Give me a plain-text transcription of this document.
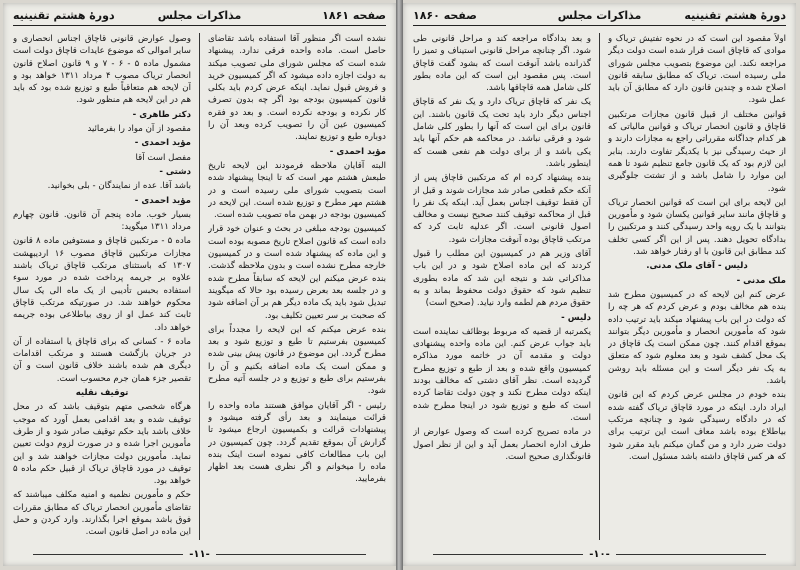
صفحه ۱۸۶۱
مذاکرات مجلس
دورهٔ هشتم تقنینیه

نشده است اگر منظور آقا استفاده باشد تقاضای حاصل است. ماده واحده فرقی ندارد. پیشنهاد شده است که مجلس شورای ملی تصویب میکند به دولت اجازه داده میشود که اگر کمیسیون خرید و فروش قبول نماید. اینکه عرض کردم باید بکلی قانون کمیسیون بودجه بود اگر چه بدون تصرف کار نکرده و بودجه نکرده است. و بعد دو فقره کمیسیون عین آن را تصویب کرده وبعد آن را دوباره طبع و توزیع نمایند.

مؤید احمدی -

البته آقایان ملاحظه فرمودند این لایحه تاریخ طبعش هشتم مهر است که تا اینجا پیشنهاد شده است بتصویب شورای ملی رسیده است و در هشتم مهر مطرح و توزیع شده است. این لایحه در کمیسیون بودجه در بهمن ماه تصویب شده است.

کمیسیون بودجه مبلغی در بحث و عنوان خود قرار داده است که قانون اصلاح تاریخ مصوبه بوده است و این ماده که پیشنهاد شده است و در کمیسیون خارجه مطرح نشده است و بدون ملاحظه گذشت. بنده عرض میکنم این لایحه که سابقاً مطرح شده و در جلسه بعد بعرض رسیده بود حالا که میگویند تبدیل شود باید یک ماده دیگر هم بر آن اضافه شود که صحبت بر سر تعیین تکلیف بود.

بنده عرض میکنم که این لایحه را مجدداً برای کمیسیون بفرستیم تا طبع و توزیع شود و بعد مطرح گردد. این موضوع در قانون پیش بینی شده و ممکن است یک ماده اضافه بکنیم و آن را بفرستیم برای طبع و توزیع و در جلسه آتیه مطرح شود.

رئیس - اگر آقایان موافق هستند ماده واحده را قرائت مینمایند و بعد رأی گرفته میشود و پیشنهادات قرائت و بکمیسیون ارجاع میشود تا گزارش آن بموقع تقدیم گردد. چون کمیسیون در این باب مطالعات کافی نموده است اینک بنده ماده را میخوانم و اگر نظری هست بعد اظهار بفرمایید.

وصول عوارض قانونی قاچاق اجناس انحصاری و سایر اموالی که موضوع عایدات قاچاق دولت است مشمول ماده ۵ - ۶ - ۷ و ۹ قانون اصلاح قانون انحصار تریاک مصوب ۴ مرداد ۱۳۱۱ خواهد بود و آن لایحه هم متعاقباً طبع و توزیع شده بود که باید هم در این لایحه هم منظور شود.

دکتر طاهری -

مقصود از آن مواد را بفرمائید

مؤید احمدی -

مفصل است آقا

دشتی -

باشد آقا. عده از نمایندگان - بلی بخوانید.

مؤید احمدی -

بسیار خوب. ماده پنجم آن قانون. قانون چهارم مرداد ۱۳۱۱ میگوید:

ماده ۵ - مرتکبین قاچاق و مستوفین ماده ۸ قانون مجازات مرتکبین قاچاق مصوب ۱۶ اردیبهشت ۱۳۰۷ که باستثنای مرتکب قاچاق تریاک باشند علاوه بر جریمه پرداخت شده در مورد سوء استفاده بحبس تأدیبی از یک ماه الی یک سال محکوم خواهند شد. در صورتیکه مرتکب قاچاق ثابت کند عمل او از روی بیاطلاعی بوده جریمه خواهد داد.

ماده ۶ - کسانی که برای قاچاق یا استفاده از آن در جریان بازگشت هستند و مرتکب اقدامات دیگری هم شده باشند خلاف قانون است و آن تقصیر جزء همان جرم محسوب است.

توقیف نقلیه

هرگاه شخصی متهم بتوقیف باشد که در محل توقیف شده و بعد اقدامی بعمل آورد که موجب خلاف باشد باید حکم توقیف صادر شود و از طرف مأمورین اجرا شده و در صورت لزوم دولت تعیین نماید. مأمورین دولت مجازات خواهند شد و این توقیف در مورد قاچاق تریاک از قبیل حکم ماده ۵ خواهد بود.

حکم و مأمورین نظمیه و امنیه مکلف میباشند که تقاضای مأمورین انحصار تریاک که مطابق مقررات فوق باشد بموقع اجرا بگذارند. وارد کردن و حمل این ماده در اصل قانون است.

-۱۱-
دورهٔ هشتم تقنینیه
مذاکرات مجلس
صفحه ۱۸۶۰

اولاً مقصود این است که در نحوه تفتیش تریاک و موادی که قاچاق است قرار شده است دولت دیگر مراجعه نکند. این موضوع بتصویب مجلس شورای ملی رسیده است. تریاک که مطابق سابقه قانون اصلاح شده و چندین قانون دارد که مطابق آن باید عمل شود.

قوانین مختلف از قبیل قانون مجازات مرتکبین قاچاق و قانون انحصار تریاک و قوانین مالیاتی که هر کدام جداگانه مقرراتی راجع به مجازات دارند و از حیث رسیدگی نیز با یکدیگر تفاوت دارند. بنابر این لازم بود که یک قانون جامع تنظیم شود تا همه این موارد را شامل باشد و از تشتت جلوگیری شود.

این لایحه برای این است که قوانین انحصار تریاک و قاچاق مانند سایر قوانین یکسان شود و مأمورین بتوانند با یک رویه واحد رسیدگی کنند و مرتکبین را بدادگاه تحویل دهند. پس از این اگر کسی تخلف کند مطابق این قانون با او رفتار خواهد شد.

دلیس - آقای ملک مدنی.

ملک مدنی -

عرض کنم این لایحه که در کمیسیون مطرح شد بنده هم مخالف بودم و عرض کردم که هر چه را که دولت در این باب پیشنهاد میکند باید ترتیب داده شود که مأمورین انحصار و مأمورین دیگر بتوانند بموقع اقدام کنند. چون ممکن است یک قاچاق در یک محل کشف شود و بعد معلوم شود که متعلق به یک نفر دیگر است و این مسئله باید روشن باشد.

بنده خودم در مجلس عرض کردم که این قانون ایراد دارد. اینکه در مورد قاچاق تریاک گفته شده که در دادگاه رسیدگی شود و چنانچه مرتکب بیاطلاع بوده باشد معاف است این ترتیب برای دولت ضرر دارد و من گمان میکنم باید مقرر شود که هر کس قاچاق داشته باشد مسئول است.

و بعد بدادگاه مراجعه کند و مراحل قانونی طی شود. اگر چنانچه مراحل قانونی استیناف و تمیز را گذرانده باشد آنوقت است که بشود گفت قاچاق است. پس مقصود این است که این ماده بطور کلی شامل همه قاچاقها باشد.

یک نفر که قاچاق تریاک دارد و یک نفر که قاچاق اجناس دیگر دارد باید تحت یک قانون باشند. این قانون برای این است که آنها را بطور کلی شامل شود و فرقی نباشد. در محاکمه هم حکم آنها باید یکی باشد و از برای دولت هم نفعی هست که اینطور باشد.

بنده پیشنهاد کرده ام که مرتکبین قاچاق پس از آنکه حکم قطعی صادر شد مجازات شوند و قبل از آن فقط توقیف اجناس بعمل آید. اینکه یک نفر را قبل از محاکمه توقیف کنند صحیح نیست و مخالف اصول قانونی است. اگر عدلیه ثابت کرد که مرتکب قاچاق بوده آنوقت مجازات شود.

آقای وزیر هم در کمیسیون این مطلب را قبول کردند که این ماده اصلاح شود و در این باب مذاکراتی شد و نتیجه این شد که ماده بطوری تنظیم شود که حقوق دولت محفوظ بماند و به حقوق مردم هم لطمه وارد نیاید. (صحیح است)

دلیس -

یکمرتبه از قضیه که مربوط بوظائف نماینده است باید جواب عرض کنم. این ماده واحده پیشنهادی دولت و مقدمه آن در خاتمه مورد مذاکره کمیسیون واقع شده و بعد از طبع و توزیع مطرح گردیده است. نظر آقای دشتی که مخالف بودند اینکه دولت مطرح نکند و چون دولت تقاضا کرده است که طبع و توزیع شود در اینجا مطرح شده است.

در ماده تصریح کرده است که وصول عوارض از طرف اداره انحصار بعمل آید و این از نظر اصول قانونگذاری صحیح است.

-۱۰-
